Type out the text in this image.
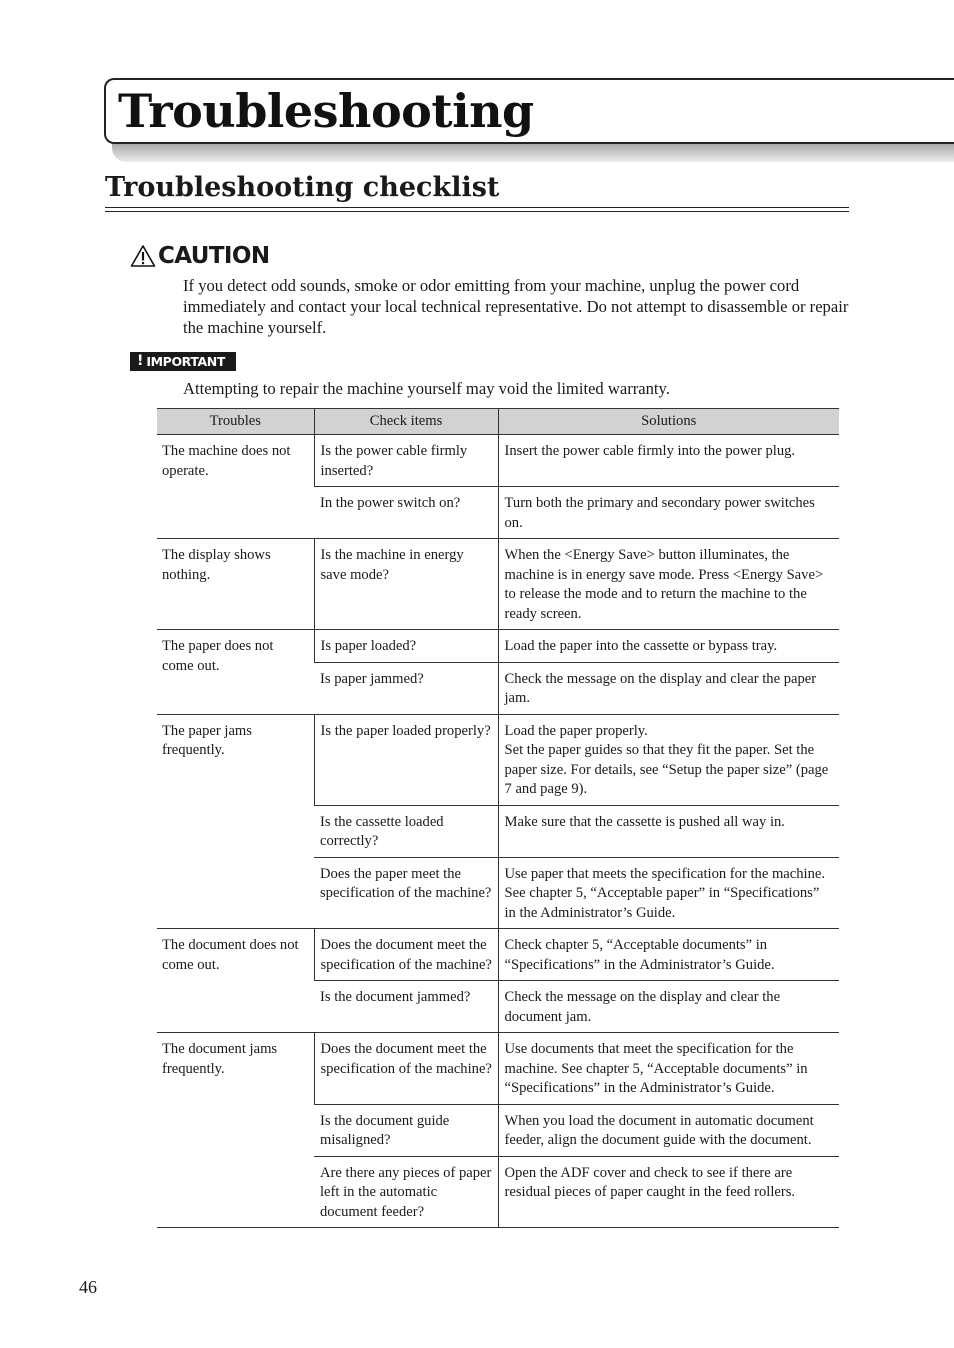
Troubleshooting
Troubleshooting checklist
CAUTION

If you detect odd sounds, smoke or odor emitting from your machine, unplug the power cord immediately and contact your local technical representative. Do not attempt to disassemble or repair the machine yourself.

! IMPORTANT

Attempting to repair the machine yourself may void the limited warranty.

Troubles	Check items	Solutions
The machine does not operate.	Is the power cable firmly inserted?	Insert the power cable firmly into the power plug.
	In the power switch on?	Turn both the primary and secondary power switches on.
The display shows nothing.	Is the machine in energy save mode?	When the <Energy Save> button illuminates, the machine is in energy save mode. Press <Energy Save> to release the mode and to return the machine to the ready screen.
The paper does not come out.	Is paper loaded?	Load the paper into the cassette or bypass tray.
	Is paper jammed?	Check the message on the display and clear the paper jam.
The paper jams frequently.	Is the paper loaded properly?	Load the paper properly.
Set the paper guides so that they fit the paper. Set the paper size. For details, see “Setup the paper size” (page 7 and page 9).
	Is the cassette loaded correctly?	Make sure that the cassette is pushed all way in.
	Does the paper meet the specification of the machine?	Use paper that meets the specification for the machine. See chapter 5, “Acceptable paper” in “Specifications” in the Administrator’s Guide.
The document does not come out.	Does the document meet the specification of the machine?	Check chapter 5, “Acceptable documents” in “Specifications” in the Administrator’s Guide.
	Is the document jammed?	Check the message on the display and clear the document jam.
The document jams frequently.	Does the document meet the specification of the machine?	Use documents that meet the specification for the machine. See chapter 5, “Acceptable documents” in “Specifications” in the Administrator’s Guide.
	Is the document guide misaligned?	When you load the document in automatic document feeder, align the document guide with the document.
	Are there any pieces of paper left in the automatic document feeder?	Open the ADF cover and check to see if there are residual pieces of paper caught in the feed rollers.
46
